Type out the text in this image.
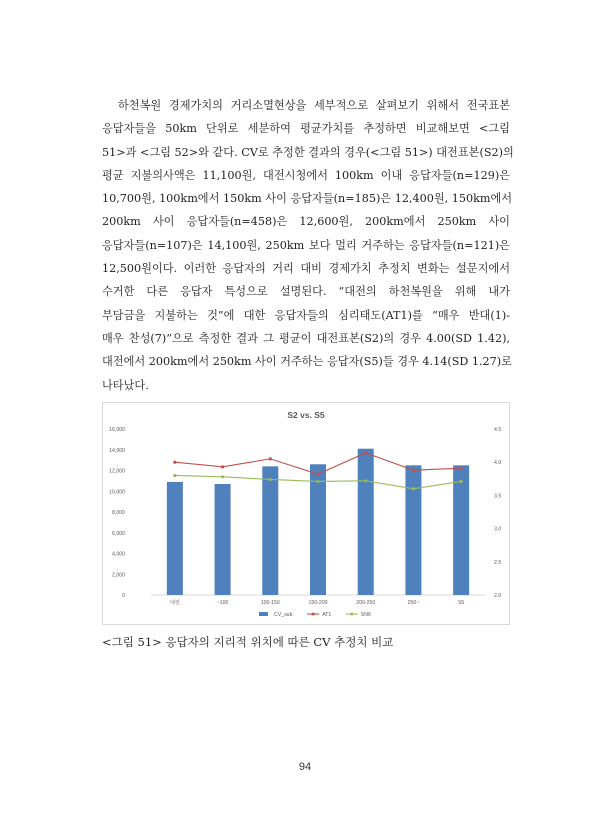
하천복원 경제가치의 거리소멸현상을 세부적으로 살펴보기 위해서 전국표본
응답자들을 50km 단위로 세분하여 평균가치를 추정하면 비교해보면 <그림
51>과 <그림 52>와 같다. CV로 추정한 결과의 경우(<그림 51>) 대전표본(S2)의
평균 지불의사액은 11,100원, 대전시청에서 100km 이내 응답자들(n=129)은
10,700원, 100km에서 150km 사이 응답자들(n=185)은 12,400원, 150km에서
200km 사이 응답자들(n=458)은 12,600원, 200km에서 250km 사이
응답자들(n=107)은 14,100원, 250km 보다 멀리 거주하는 응답자들(n=121)은
12,500원이다. 이러한 응답자의 거리 대비 경제가치 추정치 변화는 설문지에서
수거한 다른 응답자 특성으로 설명된다. “대전의 하천복원을 위해 내가
부담금을 지불하는 것”에 대한 응답자들의 심리태도(AT1)를 “매우 반대(1)-
매우 찬성(7)”으로 측정한 결과 그 평균이 대전표본(S2)의 경우 4.00(SD 1.42),
대전에서 200km에서 250km 사이 거주하는 응답자(S5)들 경우 4.14(SD 1.27)로
나타났다.
S2 vs. S5
0
2,000
4,000
6,000
8,000
10,000
12,000
14,000
16,000
2.0
2.5
3.0
3.5
4.0
4.5
대전	~100	100-150	150-200	200-250	250~	S5
CV_sub	AT1	SN6

<그림 51> 응답자의 지리적 위치에 따른 CV 추정치 비교

94
